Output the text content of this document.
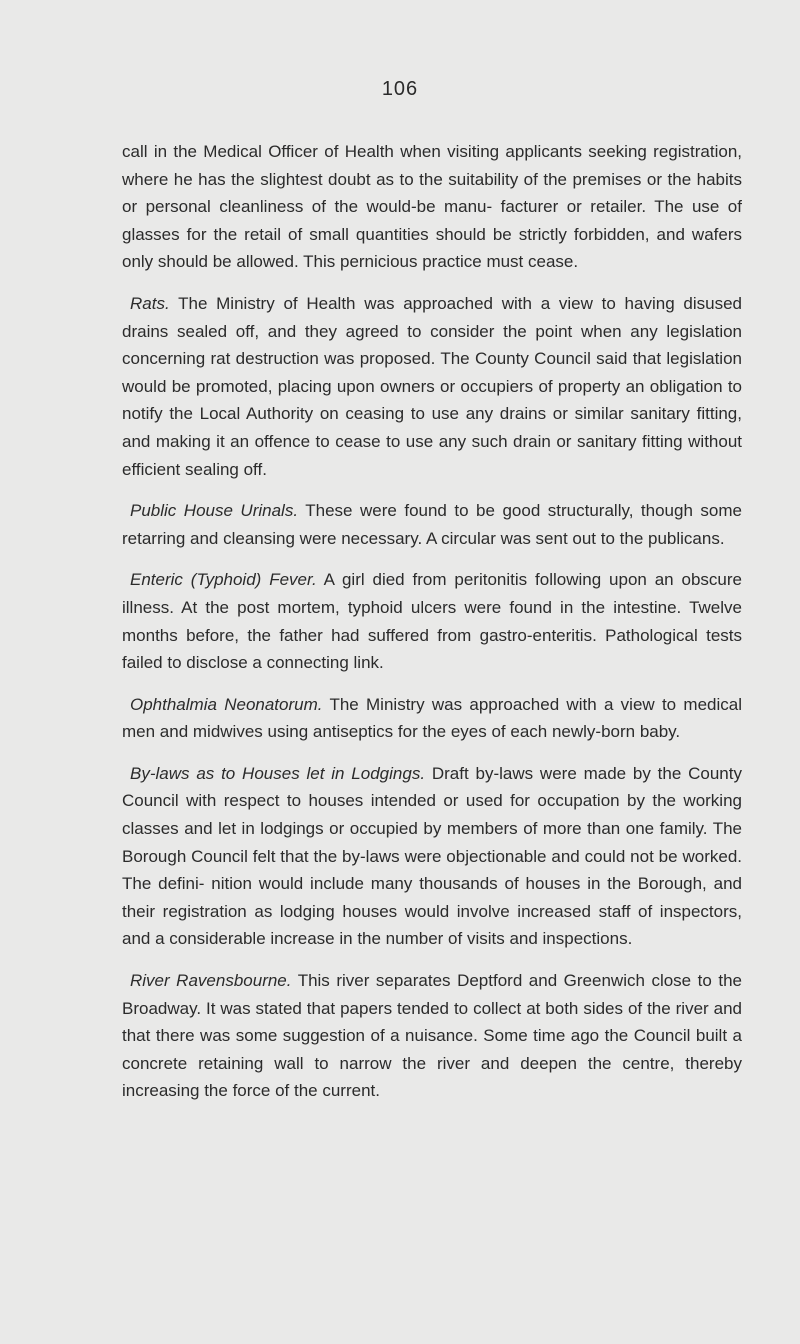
106

call in the Medical Officer of Health when visiting applicants seeking registration, where he has the slightest doubt as to the suitability of the premises or the habits or personal cleanliness of the would-be manu- facturer or retailer. The use of glasses for the retail of small quantities should be strictly forbidden, and wafers only should be allowed. This pernicious practice must cease.

Rats. The Ministry of Health was approached with a view to having disused drains sealed off, and they agreed to consider the point when any legislation concerning rat destruction was proposed. The County Council said that legislation would be promoted, placing upon owners or occupiers of property an obligation to notify the Local Authority on ceasing to use any drains or similar sanitary fitting, and making it an offence to cease to use any such drain or sanitary fitting without efficient sealing off.

Public House Urinals. These were found to be good structurally, though some retarring and cleansing were necessary. A circular was sent out to the publicans.

Enteric (Typhoid) Fever. A girl died from peritonitis following upon an obscure illness. At the post mortem, typhoid ulcers were found in the intestine. Twelve months before, the father had suffered from gastro-enteritis. Pathological tests failed to disclose a connecting link.

Ophthalmia Neonatorum. The Ministry was approached with a view to medical men and midwives using antiseptics for the eyes of each newly-born baby.

By-laws as to Houses let in Lodgings. Draft by-laws were made by the County Council with respect to houses intended or used for occupation by the working classes and let in lodgings or occupied by members of more than one family. The Borough Council felt that the by-laws were objectionable and could not be worked. The defini- nition would include many thousands of houses in the Borough, and their registration as lodging houses would involve increased staff of inspectors, and a considerable increase in the number of visits and inspections.

River Ravensbourne. This river separates Deptford and Greenwich close to the Broadway. It was stated that papers tended to collect at both sides of the river and that there was some suggestion of a nuisance. Some time ago the Council built a concrete retaining wall to narrow the river and deepen the centre, thereby increasing the force of the current.
